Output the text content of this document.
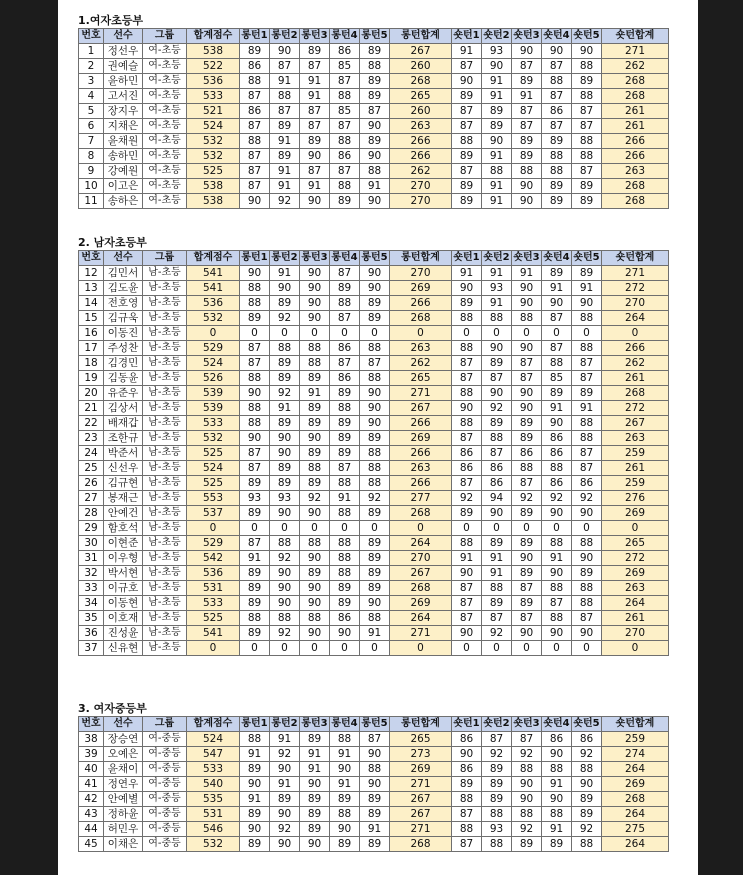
1.여자초등부
번호	선수	그룹	합계점수	롱턴1	롱턴2	롱턴3	롱턴4	롱턴5	롱턴합계	숏턴1	숏턴2	숏턴3	숏턴4	숏턴5	숏턴합계
1	정선우	여-초등	538	89	90	89	86	89	267	91	93	90	90	90	271
2	권예슬	여-초등	522	86	87	87	85	88	260	87	90	87	87	88	262
3	윤하민	여-초등	536	88	91	91	87	89	268	90	91	89	88	89	268
4	고서진	여-초등	533	87	88	91	88	89	265	89	91	91	87	88	268
5	장지우	여-초등	521	86	87	87	85	87	260	87	89	87	86	87	261
6	지채은	여-초등	524	87	89	87	87	90	263	87	89	87	87	87	261
7	윤채원	여-초등	532	88	91	89	88	89	266	88	90	89	89	88	266
8	송하민	여-초등	532	87	89	90	86	90	266	89	91	89	88	88	266
9	강예원	여-초등	525	87	91	87	87	88	262	87	88	88	88	87	263
10	이고은	여-초등	538	87	91	91	88	91	270	89	91	90	89	89	268
11	송하은	여-초등	538	90	92	90	89	90	270	89	91	90	89	89	268
2. 남자초등부
번호	선수	그룹	합계점수	롱턴1	롱턴2	롱턴3	롱턴4	롱턴5	롱턴합계	숏턴1	숏턴2	숏턴3	숏턴4	숏턴5	숏턴합계
12	김민서	남-초등	541	90	91	90	87	90	270	91	91	91	89	89	271
13	김도윤	남-초등	541	88	90	90	89	90	269	90	93	90	91	91	272
14	전호영	남-초등	536	88	89	90	88	89	266	89	91	90	90	90	270
15	김규욱	남-초등	532	89	92	90	87	89	268	88	88	88	87	88	264
16	이동진	남-초등	0	0	0	0	0	0	0	0	0	0	0	0	0
17	주성찬	남-초등	529	87	88	88	86	88	263	88	90	90	87	88	266
18	김경민	남-초등	524	87	89	88	87	87	262	87	89	87	88	87	262
19	김동윤	남-초등	526	88	89	89	86	88	265	87	87	87	85	87	261
20	유준우	남-초등	539	90	92	91	89	90	271	88	90	90	89	89	268
21	김상서	남-초등	539	88	91	89	88	90	267	90	92	90	91	91	272
22	배재갑	남-초등	533	88	89	89	89	90	266	88	89	89	90	88	267
23	조한규	남-초등	532	90	90	90	89	89	269	87	88	89	86	88	263
24	박준서	남-초등	525	87	90	89	89	88	266	86	87	86	86	87	259
25	신선우	남-초등	524	87	89	88	87	88	263	86	86	88	88	87	261
26	김규현	남-초등	525	89	89	89	88	88	266	87	86	87	86	86	259
27	봉재근	남-초등	553	93	93	92	91	92	277	92	94	92	92	92	276
28	안예건	남-초등	537	89	90	90	88	89	268	89	90	89	90	90	269
29	함호석	남-초등	0	0	0	0	0	0	0	0	0	0	0	0	0
30	이현준	남-초등	529	87	88	88	88	89	264	88	89	89	88	88	265
31	이우형	남-초등	542	91	92	90	88	89	270	91	91	90	91	90	272
32	박서현	남-초등	536	89	90	89	88	89	267	90	91	89	90	89	269
33	이규호	남-초등	531	89	90	90	89	89	268	87	88	87	88	88	263
34	이동현	남-초등	533	89	90	90	89	90	269	87	89	89	87	88	264
35	이호재	남-초등	525	88	88	88	86	88	264	87	87	87	88	87	261
36	진성윤	남-초등	541	89	92	90	90	91	271	90	92	90	90	90	270
37	신유현	남-초등	0	0	0	0	0	0	0	0	0	0	0	0	0
3. 여자중등부
번호	선수	그룹	합계점수	롱턴1	롱턴2	롱턴3	롱턴4	롱턴5	롱턴합계	숏턴1	숏턴2	숏턴3	숏턴4	숏턴5	숏턴합계
38	장승연	여-중등	524	88	91	89	88	87	265	86	87	87	86	86	259
39	오예은	여-중등	547	91	92	91	91	90	273	90	92	92	90	92	274
40	윤채이	여-중등	533	89	90	91	90	88	269	86	89	88	88	88	264
41	정연우	여-중등	540	90	91	90	91	90	271	89	89	90	91	90	269
42	안예별	여-중등	535	91	89	89	89	89	267	88	89	90	90	89	268
43	정하윤	여-중등	531	89	90	89	88	89	267	87	88	88	88	89	264
44	허민우	여-중등	546	90	92	89	90	91	271	88	93	92	91	92	275
45	이채은	여-중등	532	89	90	90	89	89	268	87	88	89	89	88	264
